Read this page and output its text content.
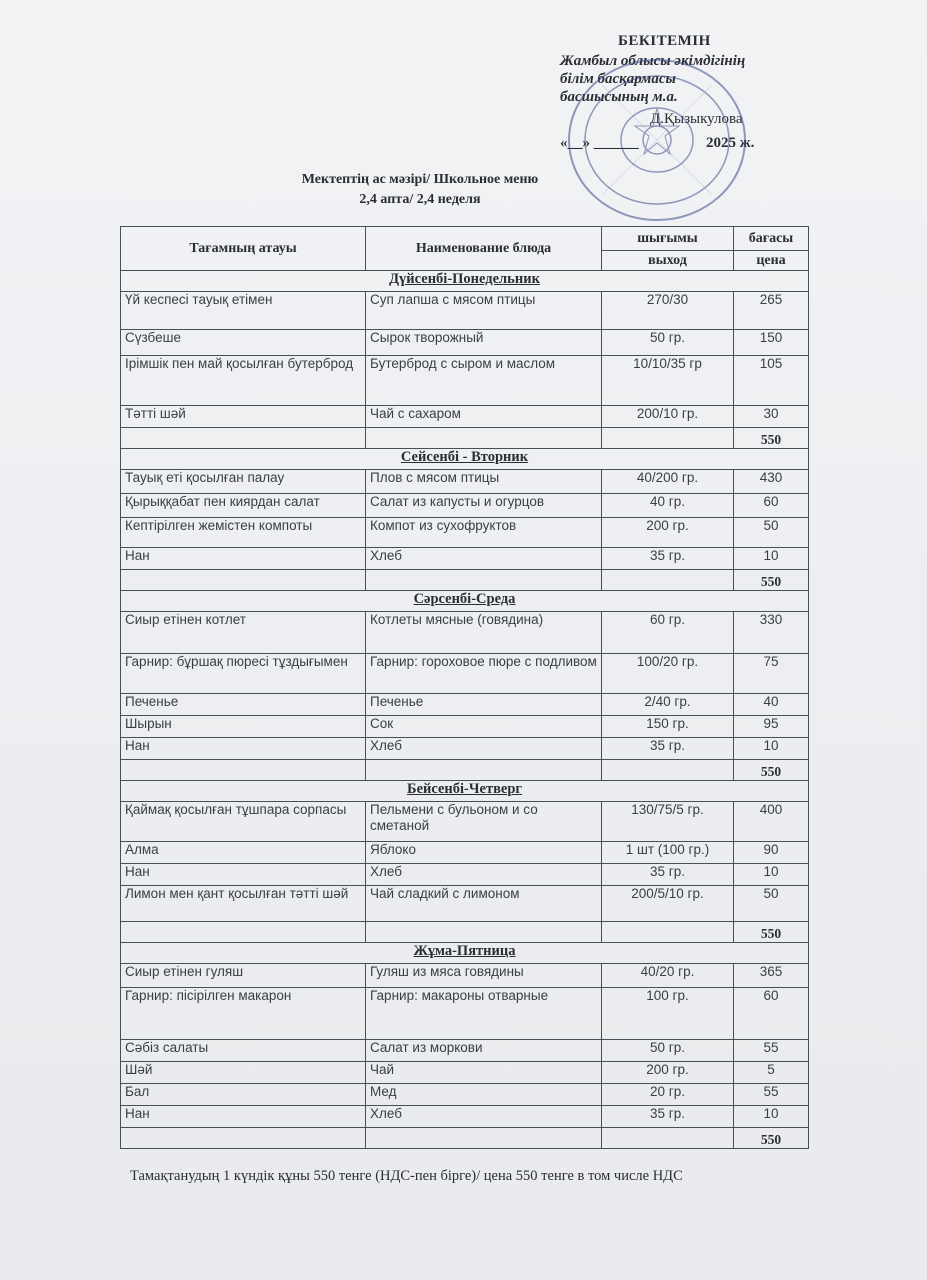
БЕКІТЕМІН
Жамбыл облысы әкімдігінің
білім басқармасы
басшысының м.а.
Д.Қызыкулова
«__» ______	2025 ж.
Мектептің ас мәзірі/ Школьное меню
2,4 апта/ 2,4 неделя
Тағамның атауы	Наименование блюда	шығымы	бағасы
		выход	цена
Дүйсенбі-Понедельник			
Үй кеспесі тауық етімен	Суп лапша с мясом птицы	270/30	265
Сүзбеше	Сырок творожный	50 гр.	150
Ірімшік пен май қосылған бутерброд	Бутерброд с сыром и маслом	10/10/35 гр	105
Тәтті шәй	Чай с сахаром	200/10 гр.	30
			550
Сейсенбі - Вторник			
Тауық еті қосылған палау	Плов с мясом птицы	40/200 гр.	430
Қырыққабат пен киярдан салат	Салат из капусты и огурцов	40 гр.	60
Кептірілген жемістен компоты	Компот из сухофруктов	200 гр.	50
Нан	Хлеб	35 гр.	10
			550
Сәрсенбі-Среда			
Сиыр етінен котлет	Котлеты мясные (говядина)	60 гр.	330
Гарнир: бұршақ пюресі тұздығымен	Гарнир: гороховое пюре с подливом	100/20 гр.	75
Печенье	Печенье	2/40 гр.	40
Шырын	Сок	150 гр.	95
Нан	Хлеб	35 гр.	10
			550
Бейсенбі-Четверг			
Қаймақ қосылған тұшпара сорпасы	Пельмени с бульоном и со сметаной	130/75/5 гр.	400
Алма	Яблоко	1 шт (100 гр.)	90
Нан	Хлеб	35 гр.	10
Лимон мен қант қосылған тәтті шәй	Чай сладкий с лимоном	200/5/10 гр.	50
			550
Жұма-Пятница			
Сиыр етінен гуляш	Гуляш из мяса говядины	40/20 гр.	365
Гарнир: пісірілген макарон	Гарнир: макароны отварные	100 гр.	60
Сәбіз салаты	Салат из моркови	50 гр.	55
Шәй	Чай	200 гр.	5
Бал	Мед	20 гр.	55
Нан	Хлеб	35 гр.	10
			550
Тамақтанудың 1 күндік құны 550 тенге (НДС-пен бірге)/ цена 550 тенге в том числе НДС
